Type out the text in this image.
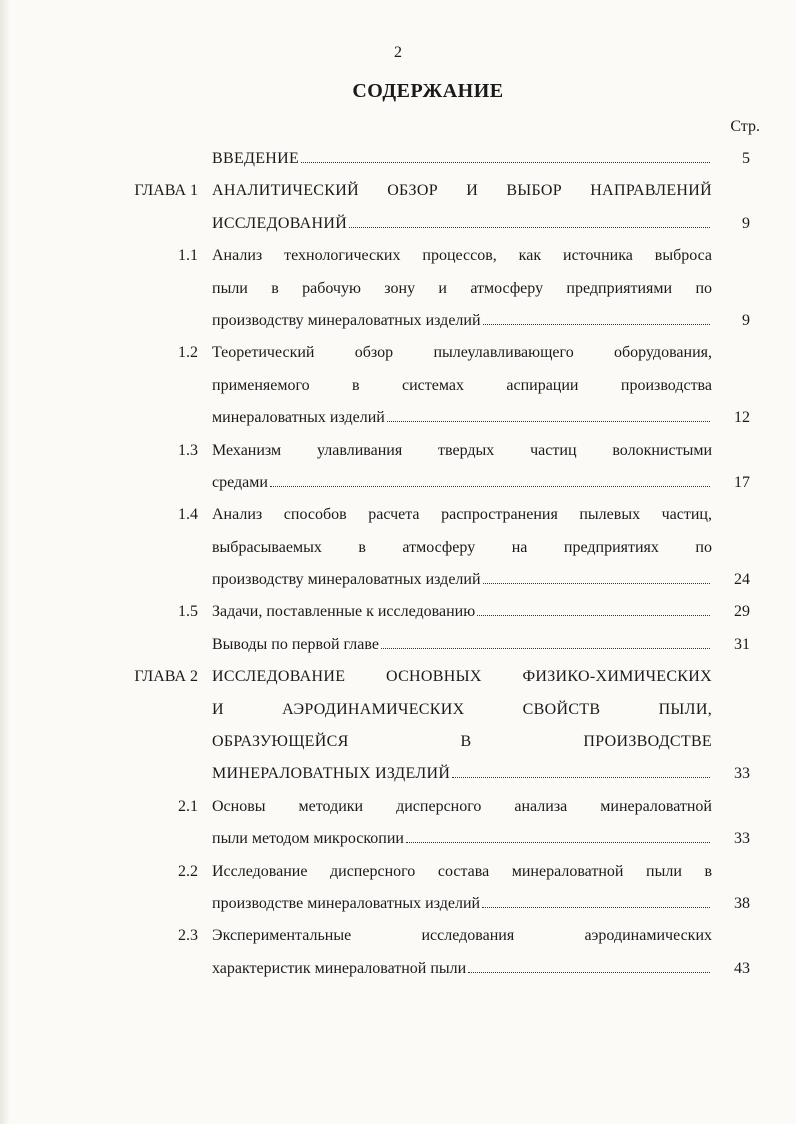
2
СОДЕРЖАНИЕ
Стр.
ВВЕДЕНИЕ	5
ГЛАВА 1 АНАЛИТИЧЕСКИЙ ОБЗОР И ВЫБОР НАПРАВЛЕНИЙ
ИССЛЕДОВАНИЙ	9
1.1 Анализ технологических процессов, как источника выброса
пыли в рабочую зону и атмосферу предприятиями по
производству минераловатных изделий	9
1.2 Теоретический обзор пылеулавливающего оборудования,
применяемого в системах аспирации производства
минераловатных изделий	12
1.3 Механизм улавливания твердых частиц волокнистыми
средами	17
1.4 Анализ способов расчета распространения пылевых частиц,
выбрасываемых в атмосферу на предприятиях по
производству минераловатных изделий	24
1.5 Задачи, поставленные к исследованию	29
Выводы по первой главе	31
ГЛАВА 2 ИССЛЕДОВАНИЕ ОСНОВНЫХ ФИЗИКО-ХИМИЧЕСКИХ
И АЭРОДИНАМИЧЕСКИХ СВОЙСТВ ПЫЛИ,
ОБРАЗУЮЩЕЙСЯ В ПРОИЗВОДСТВЕ
МИНЕРАЛОВАТНЫХ ИЗДЕЛИЙ	33
2.1 Основы методики дисперсного анализа минераловатной
пыли методом микроскопии	33
2.2 Исследование дисперсного состава минераловатной пыли в
производстве минераловатных изделий	38
2.3 Экспериментальные исследования аэродинамических
характеристик минераловатной пыли	43
